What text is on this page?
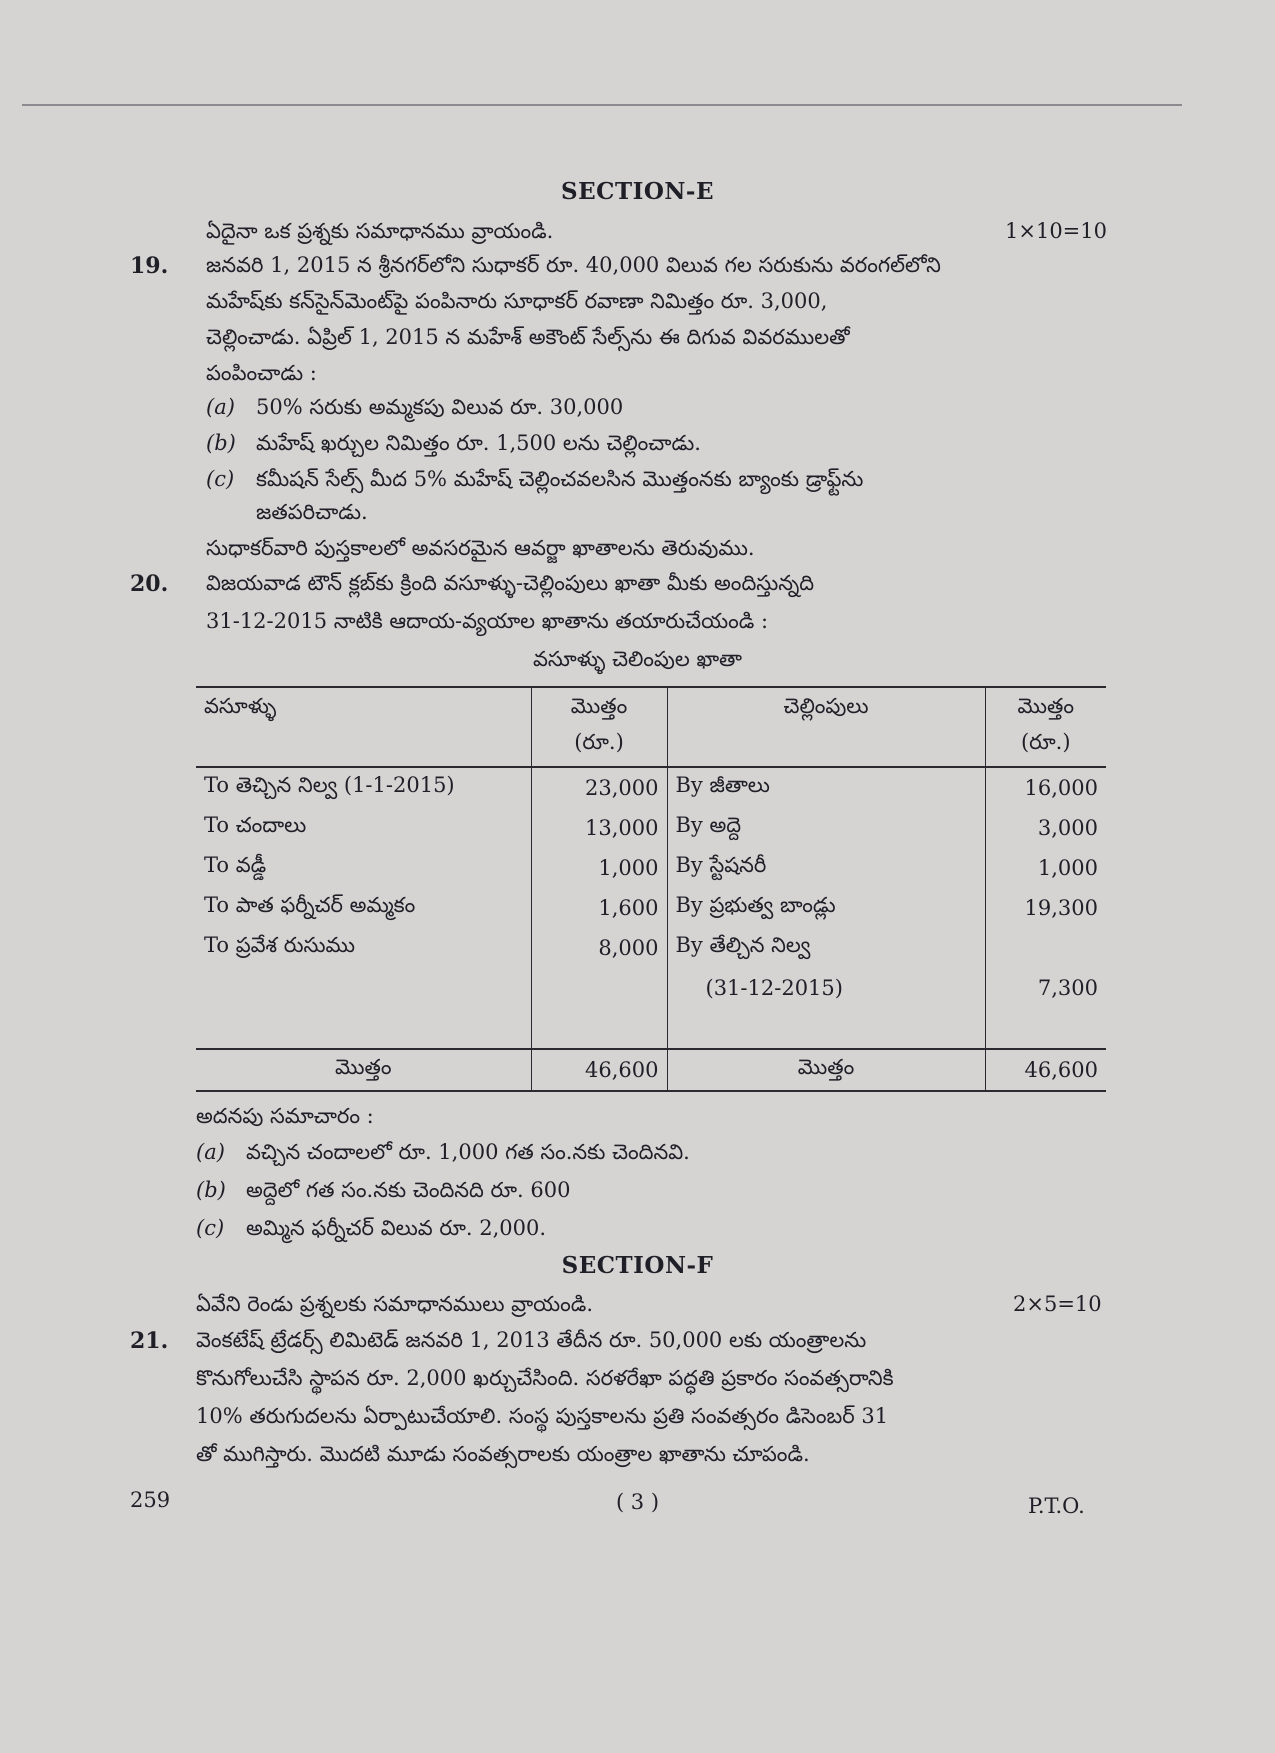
SECTION-E
ఏదైనా ఒక ప్రశ్నకు సమాధానము వ్రాయండి.	1×10=10
19. జనవరి 1, 2015 న శ్రీనగర్‌లోని సుధాకర్ రూ. 40,000 విలువ గల సరుకును వరంగల్‌లోని
మహేష్‌కు కన్‌సైన్‌మెంట్‌పై పంపినారు సూధాకర్ రవాణా నిమిత్తం రూ. 3,000,
చెల్లించాడు. ఏప్రిల్ 1, 2015 న మహేశ్ అకౌంట్ సేల్స్‌ను ఈ దిగువ వివరములతో
పంపించాడు :
(a) 50% సరుకు అమ్మకపు విలువ రూ. 30,000
(b) మహేష్ ఖర్చుల నిమిత్తం రూ. 1,500 లను చెల్లించాడు.
(c) కమీషన్ సేల్స్ మీద 5% మహేష్ చెల్లించవలసిన మొత్తంనకు బ్యాంకు డ్రాఫ్ట్‌ను
జతపరిచాడు.
సుధాకర్‌వారి పుస్తకాలలో అవసరమైన ఆవర్జా ఖాతాలను తెరువుము.
20. విజయవాడ టౌన్ క్లబ్‌కు క్రింది వసూళ్ళు-చెల్లింపులు ఖాతా మీకు అందిస్తున్నది
31-12-2015 నాటికి ఆదాయ-వ్యయాల ఖాతాను తయారుచేయండి :
వసూళ్ళు చెలింపుల ఖాతా
వసూళ్ళు	మొత్తం	చెల్లింపులు	మొత్తం
	(రూ.)		(రూ.)
To తెచ్చిన నిల్వ (1-1-2015)	23,000	By జీతాలు	16,000
To చందాలు	13,000	By అద్దె	3,000
To వడ్డీ	1,000	By స్టేషనరీ	1,000
To పాత ఫర్నీచర్ అమ్మకం	1,600	By ప్రభుత్వ బాండ్లు	19,300
To ప్రవేశ రుసుము	8,000	By తేల్చిన నిల్వ	
		(31-12-2015)	7,300

మొత్తం	46,600	మొత్తం	46,600
అదనపు సమాచారం :
(a) వచ్చిన చందాలలో రూ. 1,000 గత సం.నకు చెందినవి.
(b) అద్దెలో గత సం.నకు చెందినది రూ. 600
(c) అమ్మిన ఫర్నీచర్ విలువ రూ. 2,000.
SECTION-F
ఏవేని రెండు ప్రశ్నలకు సమాధానములు వ్రాయండి.	2×5=10
21. వెంకటేష్ ట్రేడర్స్ లిమిటెడ్ జనవరి 1, 2013 తేదీన రూ. 50,000 లకు యంత్రాలను
కొనుగోలుచేసి స్థాపన రూ. 2,000 ఖర్చుచేసింది. సరళరేఖా పద్ధతి ప్రకారం సంవత్సరానికి
10% తరుగుదలను ఏర్పాటుచేయాలి. సంస్థ పుస్తకాలను ప్రతి సంవత్సరం డిసెంబర్ 31
తో ముగిస్తారు. మొదటి మూడు సంవత్సరాలకు యంత్రాల ఖాతాను చూపండి.
259	( 3 )	P.T.O.
